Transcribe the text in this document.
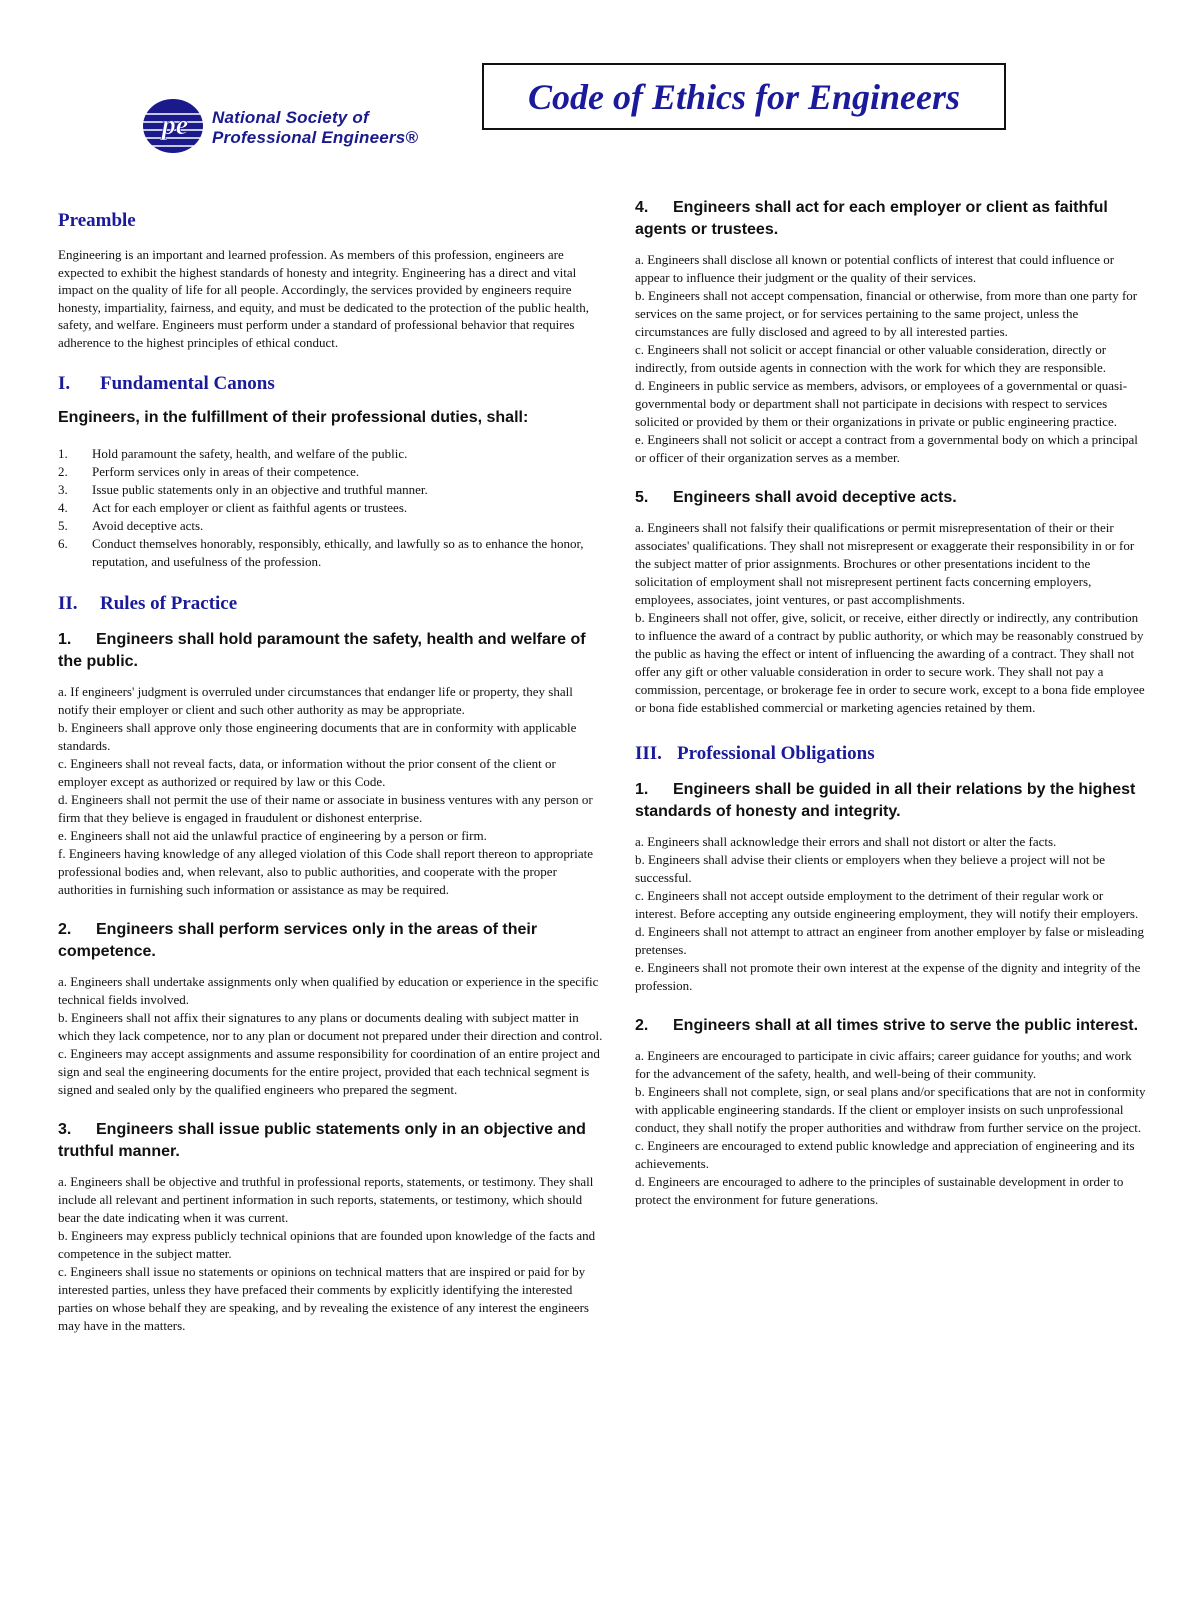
pe National Society of
Professional Engineers®
Code of Ethics for Engineers
Preamble

Engineering is an important and learned profession. As members of this profession, engineers are expected to exhibit the highest standards of honesty and integrity. Engineering has a direct and vital impact on the quality of life for all people. Accordingly, the services provided by engineers require honesty, impartiality, fairness, and equity, and must be dedicated to the protection of the public health, safety, and welfare. Engineers must perform under a standard of professional behavior that requires adherence to the highest principles of ethical conduct.

I. Fundamental Canons
Engineers, in the fulfillment of their professional duties, shall:
1.	Hold paramount the safety, health, and welfare of the public.
2.	Perform services only in areas of their competence.
3.	Issue public statements only in an objective and truthful manner.
4.	Act for each employer or client as faithful agents or trustees.
5.	Avoid deceptive acts.
6.	Conduct themselves honorably, responsibly, ethically, and lawfully so as to enhance the honor, reputation, and usefulness of the profession.
II. Rules of Practice
1. Engineers shall hold paramount the safety, health and welfare of the public.

a. If engineers' judgment is overruled under circumstances that endanger life or property, they shall notify their employer or client and such other authority as may be appropriate.

b. Engineers shall approve only those engineering documents that are in conformity with applicable standards.

c. Engineers shall not reveal facts, data, or information without the prior consent of the client or employer except as authorized or required by law or this Code.

d. Engineers shall not permit the use of their name or associate in business ventures with any person or firm that they believe is engaged in fraudulent or dishonest enterprise.

e. Engineers shall not aid the unlawful practice of engineering by a person or firm.

f. Engineers having knowledge of any alleged violation of this Code shall report thereon to appropriate professional bodies and, when relevant, also to public authorities, and cooperate with the proper authorities in furnishing such information or assistance as may be required.

2. Engineers shall perform services only in the areas of their competence.

a. Engineers shall undertake assignments only when qualified by education or experience in the specific technical fields involved.

b. Engineers shall not affix their signatures to any plans or documents dealing with subject matter in which they lack competence, nor to any plan or document not prepared under their direction and control.

c. Engineers may accept assignments and assume responsibility for coordination of an entire project and sign and seal the engineering documents for the entire project, provided that each technical segment is signed and sealed only by the qualified engineers who prepared the segment.

3. Engineers shall issue public statements only in an objective and truthful manner.

a. Engineers shall be objective and truthful in professional reports, statements, or testimony. They shall include all relevant and pertinent information in such reports, statements, or testimony, which should bear the date indicating when it was current.

b. Engineers may express publicly technical opinions that are founded upon knowledge of the facts and competence in the subject matter.

c. Engineers shall issue no statements or opinions on technical matters that are inspired or paid for by interested parties, unless they have prefaced their comments by explicitly identifying the interested parties on whose behalf they are speaking, and by revealing the existence of any interest the engineers may have in the matters.

4. Engineers shall act for each employer or client as faithful agents or trustees.

a. Engineers shall disclose all known or potential conflicts of interest that could influence or appear to influence their judgment or the quality of their services.

b. Engineers shall not accept compensation, financial or otherwise, from more than one party for services on the same project, or for services pertaining to the same project, unless the circumstances are fully disclosed and agreed to by all interested parties.

c. Engineers shall not solicit or accept financial or other valuable consideration, directly or indirectly, from outside agents in connection with the work for which they are responsible.

d. Engineers in public service as members, advisors, or employees of a governmental or quasi-governmental body or department shall not participate in decisions with respect to services solicited or provided by them or their organizations in private or public engineering practice.

e. Engineers shall not solicit or accept a contract from a governmental body on which a principal or officer of their organization serves as a member.

5. Engineers shall avoid deceptive acts.

a. Engineers shall not falsify their qualifications or permit misrepresentation of their or their associates' qualifications. They shall not misrepresent or exaggerate their responsibility in or for the subject matter of prior assignments. Brochures or other presentations incident to the solicitation of employment shall not misrepresent pertinent facts concerning employers, employees, associates, joint ventures, or past accomplishments.

b. Engineers shall not offer, give, solicit, or receive, either directly or indirectly, any contribution to influence the award of a contract by public authority, or which may be reasonably construed by the public as having the effect or intent of influencing the awarding of a contract. They shall not offer any gift or other valuable consideration in order to secure work. They shall not pay a commission, percentage, or brokerage fee in order to secure work, except to a bona fide employee or bona fide established commercial or marketing agencies retained by them.

III. Professional Obligations
1. Engineers shall be guided in all their relations by the highest standards of honesty and integrity.

a. Engineers shall acknowledge their errors and shall not distort or alter the facts.

b. Engineers shall advise their clients or employers when they believe a project will not be successful.

c. Engineers shall not accept outside employment to the detriment of their regular work or interest. Before accepting any outside engineering employment, they will notify their employers.

d. Engineers shall not attempt to attract an engineer from another employer by false or misleading pretenses.

e. Engineers shall not promote their own interest at the expense of the dignity and integrity of the profession.

2. Engineers shall at all times strive to serve the public interest.

a. Engineers are encouraged to participate in civic affairs; career guidance for youths; and work for the advancement of the safety, health, and well-being of their community.

b. Engineers shall not complete, sign, or seal plans and/or specifications that are not in conformity with applicable engineering standards. If the client or employer insists on such unprofessional conduct, they shall notify the proper authorities and withdraw from further service on the project.

c. Engineers are encouraged to extend public knowledge and appreciation of engineering and its achievements.

d. Engineers are encouraged to adhere to the principles of sustainable development in order to protect the environment for future generations.
